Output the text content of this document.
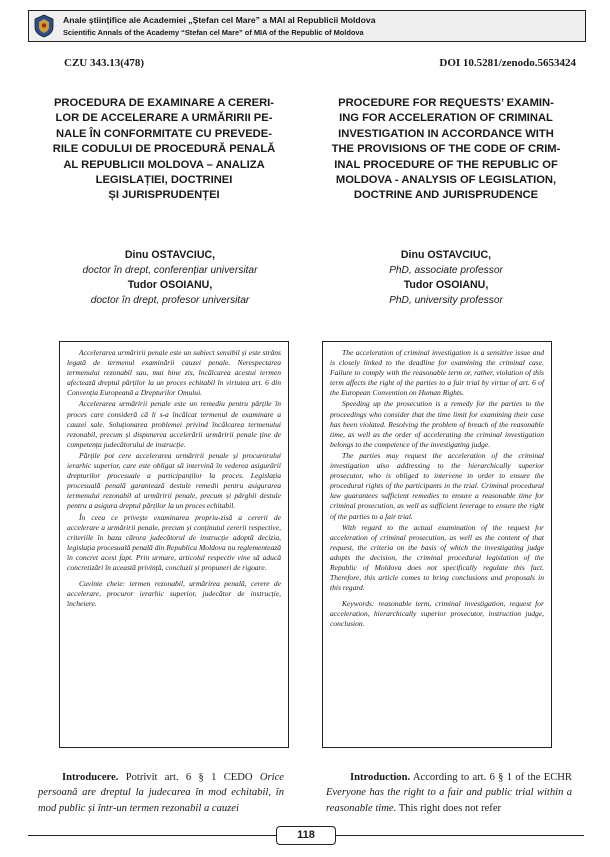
Anale științifice ale Academiei „Ștefan cel Mare” a MAI al Republicii Moldova
Scientific Annals of the Academy “Stefan cel Mare” of MIA of the Republic of Moldova
CZU 343.13(478)	DOI 10.5281/zenodo.5653424
PROCEDURA DE EXAMINARE A CERERI-
LOR DE ACCELERARE A URMĂRIRII PE-
NALE ÎN CONFORMITATE CU PREVEDE-
RILE CODULUI DE PROCEDURĂ PENALĂ
AL REPUBLICII MOLDOVA – ANALIZA
LEGISLAȚIEI, DOCTRINEI
ȘI JURISPRUDENȚEI
PROCEDURE FOR REQUESTS’ EXAMIN-
ING FOR ACCELERATION OF CRIMINAL
INVESTIGATION IN ACCORDANCE WITH
THE PROVISIONS OF THE CODE OF CRIM-
INAL PROCEDURE OF THE REPUBLIC OF
MOLDOVA - ANALYSIS OF LEGISLATION,
DOCTRINE AND JURISPRUDENCE
Dinu OSTAVCIUC,
doctor în drept, conferențiar universitar
Tudor OSOIANU,
doctor în drept, profesor universitar
Dinu OSTAVCIUC,
PhD, associate professor
Tudor OSOIANU,
PhD, university professor

Accelerarea urmăririi penale este un subiect sensibil și este strâns legată de termenul examinării cauzei penale. Nerespectarea termenului rezonabil sau, mai bine zis, încălcarea acestui termen afectează dreptul părților la un proces echitabil în virtutea art. 6 din Convenția Europeană a Drepturilor Omului.

Accelerarea urmăririi penale este un remediu pentru părțile în proces care consideră că li s-a încălcat termenul de examinare a cauzei sale. Soluționarea problemei privind încălcarea termenului rezonabil, precum și dispunerea accelerării urmăririi penale ține de competența judecătorului de instrucție.

Părțile pot cere accelerarea urmăririi penale și procurorului ierarhic superior, care este obligat să intervină în vederea asigurării drepturilor procesuale a participanților la proces. Legislația procesuală penală garantează destule remedii pentru asigurarea termenului rezonabil al urmăririi penale, precum și pârghii destule pentru a asigura dreptul părților la un proces echitabil.

În ceea ce privește examinarea propriu-zisă a cererii de accelerare a urmăririi penale, precum și conținutul cererii respective, criteriile în baza cărora judecătorul de instrucție adoptă decizia, legislația procesuală penală din Republica Moldova nu reglementează în concret acest fapt. Prin urmare, articolul respectiv vine să aducă concretizări în această privință, concluzii și propuneri de rigoare.

Cuvinte cheie: termen rezonabil, urmărirea penală, cerere de accelerare, procuror ierarhic superior, judecător de instrucție, încheiere.

The acceleration of criminal investigation is a sensitive issue and is closely linked to the deadline for examining the criminal case. Failure to comply with the reasonable term or, rather, violation of this term affects the right of the parties to a fair trial by virtue of art. 6 of the European Convention on Human Rights.

Speeding up the prosecution is a remedy for the parties to the proceedings who consider that the time limit for examining their case has been violated. Resolving the problem of breach of the reasonable time, as well as the order of accelerating the criminal investigation belongs to the competence of the investigating judge.

The parties may request the acceleration of the criminal investigation also addressing to the hierarchically superior prosecutor, who is obliged to intervene in order to ensure the procedural rights of the participants in the trial. Criminal procedural law guarantees sufficient remedies to ensure a reasonable time for criminal prosecution, as well as sufficient leverage to ensure the right of the parties to a fair trial.

With regard to the actual examination of the request for acceleration of criminal prosecution, as well as the content of that request, the criteria on the basis of which the investigating judge adopts the decision, the criminal procedural legislation of the Republic of Moldova does not specifically regulate this fact. Therefore, this article comes to bring conclusions and proposals in this regard.

Keywords: reasonable term, criminal investigation, request for acceleration, hierarchically superior prosecutor, instruction judge, conclusion.

Introducere. Potrivit art. 6 § 1 CEDO Orice persoană are dreptul la judecarea în mod echitabil, în mod public și într-un termen rezonabil a cauzei
Introduction. According to art. 6 § 1 of the ECHR Everyone has the right to a fair and public trial within a reasonable time. This right does not refer
118
